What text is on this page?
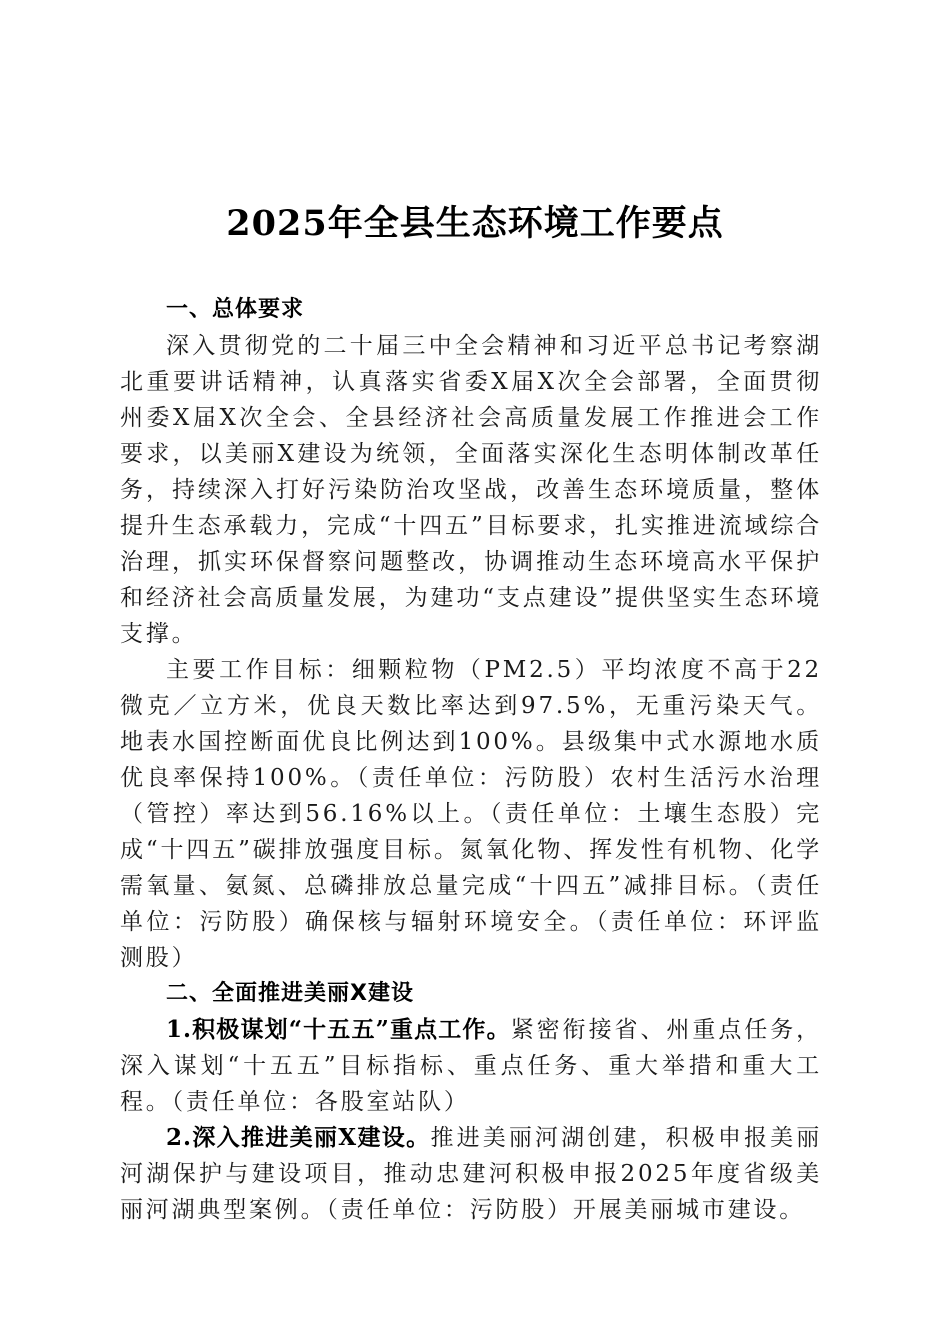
2025年全县生态环境工作要点
一、总体要求

深入贯彻党的二十届三中全会精神和习近平总书记考察湖北重要讲话精神，认真落实省委X届X次全会部署，全面贯彻州委X届X次全会、全县经济社会高质量发展工作推进会工作要求，以美丽X建设为统领，全面落实深化生态明体制改革任务，持续深入打好污染防治攻坚战，改善生态环境质量，整体提升生态承载力，完成“十四五”目标要求，扎实推进流域综合治理，抓实环保督察问题整改，协调推动生态环境高水平保护和经济社会高质量发展，为建功“支点建设”提供坚实生态环境支撑。

主要工作目标：细颗粒物（PM2.5）平均浓度不高于22微克／立方米，优良天数比率达到97.5%，无重污染天气。地表水国控断面优良比例达到100%。县级集中式水源地水质优良率保持100%。（责任单位：污防股）农村生活污水治理（管控）率达到56.16%以上。（责任单位：土壤生态股）完成“十四五”碳排放强度目标。氮氧化物、挥发性有机物、化学需氧量、氨氮、总磷排放总量完成“十四五”减排目标。（责任单位：污防股）确保核与辐射环境安全。（责任单位：环评监测股）

二、全面推进美丽X建设

1.积极谋划“十五五”重点工作。紧密衔接省、州重点任务，深入谋划“十五五”目标指标、重点任务、重大举措和重大工程。（责任单位：各股室站队）

2.深入推进美丽X建设。推进美丽河湖创建，积极申报美丽河湖保护与建设项目，推动忠建河积极申报2025年度省级美丽河湖典型案例。（责任单位：污防股）开展美丽城市建设。
